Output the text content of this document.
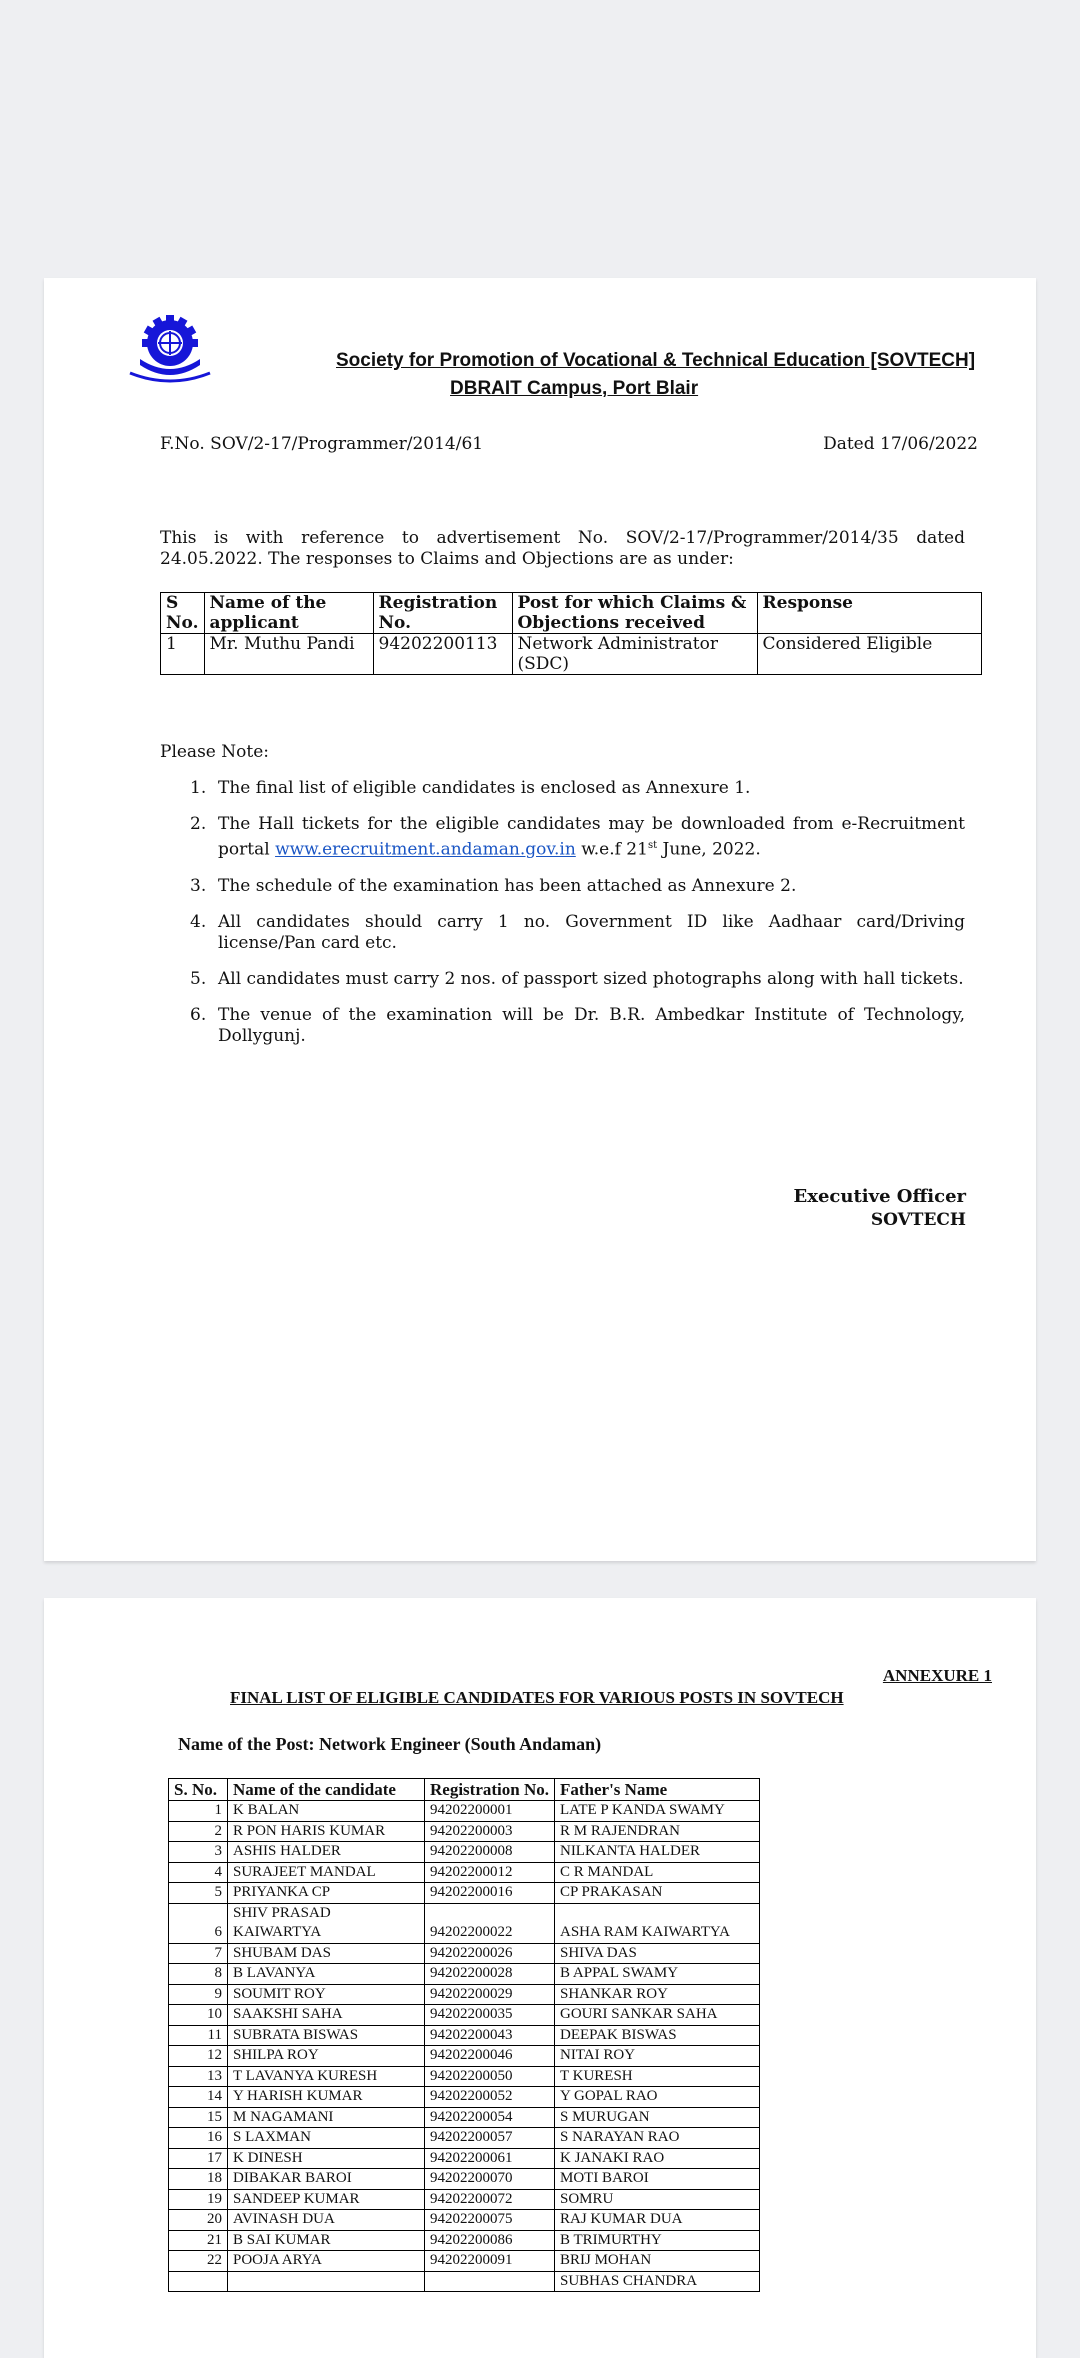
Society for Promotion of Vocational & Technical Education [SOVTECH]
DBRAIT Campus, Port Blair
F.No. SOV/2-17/Programmer/2014/61	Dated 17/06/2022
This is with reference to advertisement No. SOV/2-17/Programmer/2014/35 dated 24.05.2022. The responses to Claims and Objections are as under:
S No.	Name of the applicant	Registration No.	Post for which Claims & Objections received	Response
1	Mr. Muthu Pandi	94202200113	Network Administrator (SDC)	Considered Eligible
Please Note:
1. The final list of eligible candidates is enclosed as Annexure 1.
2. The Hall tickets for the eligible candidates may be downloaded from e-Recruitment portal www.erecruitment.andaman.gov.in w.e.f 21st June, 2022.
3. The schedule of the examination has been attached as Annexure 2.
4. All candidates should carry 1 no. Government ID like Aadhaar card/Driving license/Pan card etc.
5. All candidates must carry 2 nos. of passport sized photographs along with hall tickets.
6. The venue of the examination will be Dr. B.R. Ambedkar Institute of Technology, Dollygunj.
Executive Officer
SOVTECH
ANNEXURE 1
FINAL LIST OF ELIGIBLE CANDIDATES FOR VARIOUS POSTS IN SOVTECH
Name of the Post: Network Engineer (South Andaman)
S. No.	Name of the candidate	Registration No.	Father's Name
1	K BALAN	94202200001	LATE P KANDA SWAMY
2	R PON HARIS KUMAR	94202200003	R M RAJENDRAN
3	ASHIS HALDER	94202200008	NILKANTA HALDER
4	SURAJEET MANDAL	94202200012	C R MANDAL
5	PRIYANKA CP	94202200016	CP PRAKASAN
6	SHIV PRASAD KAIWARTYA	94202200022	ASHA RAM KAIWARTYA
7	SHUBAM DAS	94202200026	SHIVA DAS
8	B LAVANYA	94202200028	B APPAL SWAMY
9	SOUMIT ROY	94202200029	SHANKAR ROY
10	SAAKSHI SAHA	94202200035	GOURI SANKAR SAHA
11	SUBRATA BISWAS	94202200043	DEEPAK BISWAS
12	SHILPA ROY	94202200046	NITAI ROY
13	T LAVANYA KURESH	94202200050	T KURESH
14	Y HARISH KUMAR	94202200052	Y GOPAL RAO
15	M NAGAMANI	94202200054	S MURUGAN
16	S LAXMAN	94202200057	S NARAYAN RAO
17	K DINESH	94202200061	K JANAKI RAO
18	DIBAKAR BAROI	94202200070	MOTI BAROI
19	SANDEEP KUMAR	94202200072	SOMRU
20	AVINASH DUA	94202200075	RAJ KUMAR DUA
21	B SAI KUMAR	94202200086	B TRIMURTHY
22	POOJA ARYA	94202200091	BRIJ MOHAN
			SUBHAS CHANDRA
